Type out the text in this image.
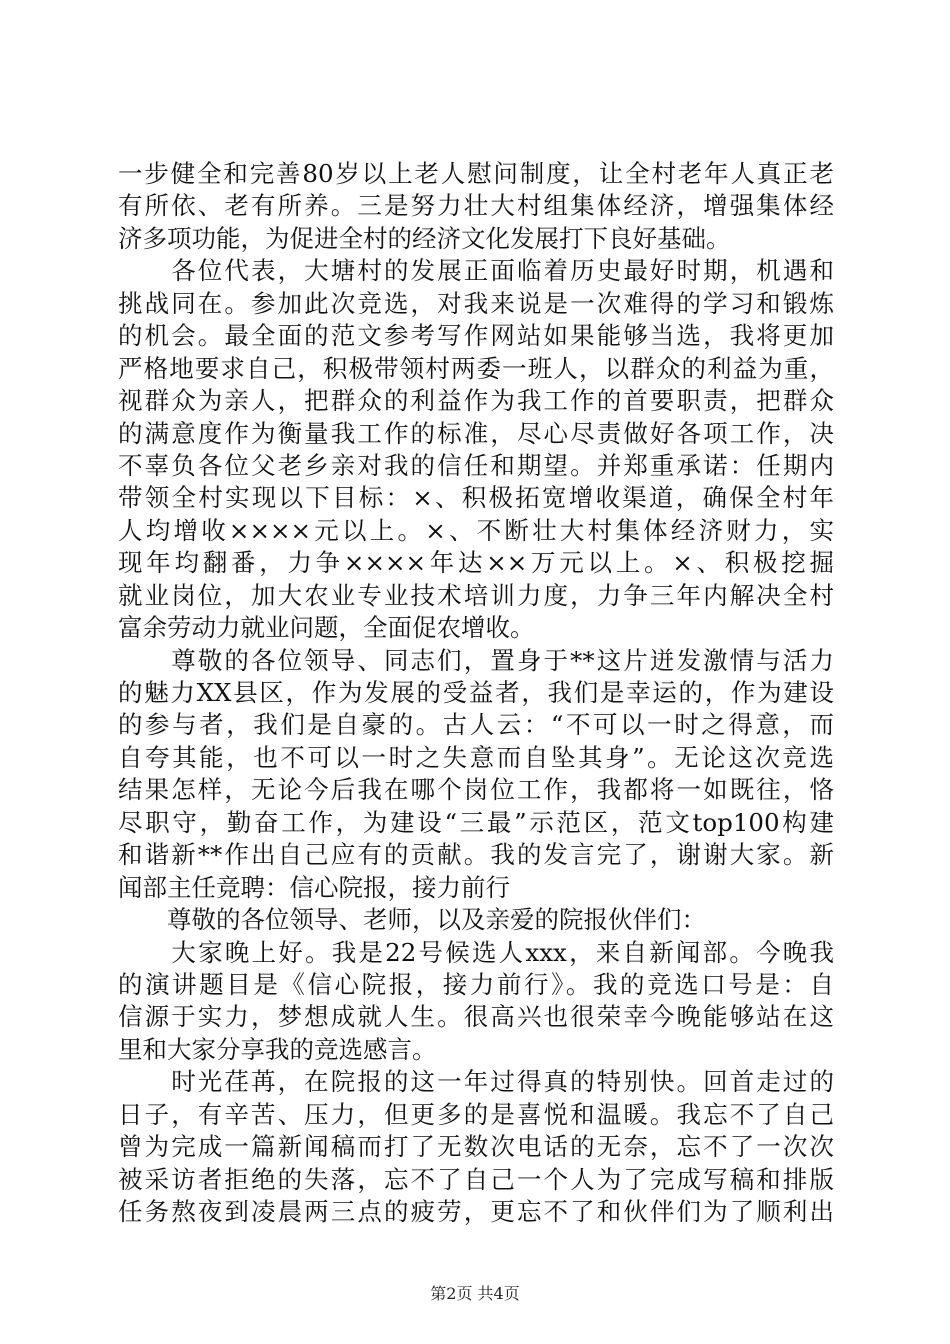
一步健全和完善80岁以上老人慰问制度，让全村老年人真正老
有所依、老有所养。三是努力壮大村组集体经济，增强集体经
济多项功能，为促进全村的经济文化发展打下良好基础。
　　各位代表，大塘村的发展正面临着历史最好时期，机遇和
挑战同在。参加此次竞选，对我来说是一次难得的学习和锻炼
的机会。最全面的范文参考写作网站如果能够当选，我将更加
严格地要求自己，积极带领村两委一班人，以群众的利益为重，
视群众为亲人，把群众的利益作为我工作的首要职责，把群众
的满意度作为衡量我工作的标准，尽心尽责做好各项工作，决
不辜负各位父老乡亲对我的信任和期望。并郑重承诺：任期内
带领全村实现以下目标：×、积极拓宽增收渠道，确保全村年
人均增收××××元以上。×、不断壮大村集体经济财力，实
现年均翻番，力争××××年达××万元以上。×、积极挖掘
就业岗位，加大农业专业技术培训力度，力争三年内解决全村
富余劳动力就业问题，全面促农增收。
　　尊敬的各位领导、同志们，置身于**这片迸发激情与活力
的魅力XX县区，作为发展的受益者，我们是幸运的，作为建设
的参与者，我们是自豪的。古人云：“不可以一时之得意，而
自夸其能，也不可以一时之失意而自坠其身”。无论这次竞选
结果怎样，无论今后我在哪个岗位工作，我都将一如既往，恪
尽职守，勤奋工作，为建设“三最”示范区，范文top100构建
和谐新**作出自己应有的贡献。我的发言完了，谢谢大家。新
闻部主任竞聘：信心院报，接力前行
　　尊敬的各位领导、老师，以及亲爱的院报伙伴们：
　　大家晚上好。我是22号候选人xxx，来自新闻部。今晚我
的演讲题目是《信心院报，接力前行》。我的竞选口号是：自
信源于实力，梦想成就人生。很高兴也很荣幸今晚能够站在这
里和大家分享我的竞选感言。
　　时光荏苒，在院报的这一年过得真的特别快。回首走过的
日子，有辛苦、压力，但更多的是喜悦和温暖。我忘不了自己
曾为完成一篇新闻稿而打了无数次电话的无奈，忘不了一次次
被采访者拒绝的失落，忘不了自己一个人为了完成写稿和排版
任务熬夜到凌晨两三点的疲劳，更忘不了和伙伴们为了顺利出
第2页 共4页
